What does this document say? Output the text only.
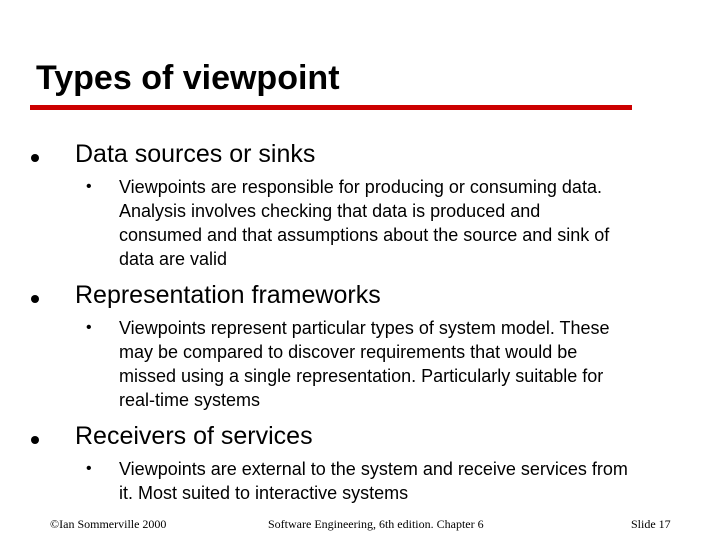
Types of viewpoint

Data sources or sinks

• Viewpoints are responsible for producing or consuming data.
Analysis involves checking that data is produced and
consumed and that assumptions about the source and sink of
data are valid

Representation frameworks

• Viewpoints represent particular types of system model. These
may be compared to discover requirements that would be
missed using a single representation. Particularly suitable for
real-time systems

Receivers of services

• Viewpoints are external to the system and receive services from
it. Most suited to interactive systems
©Ian Sommerville 2000	Software Engineering, 6th edition. Chapter 6	Slide 17
